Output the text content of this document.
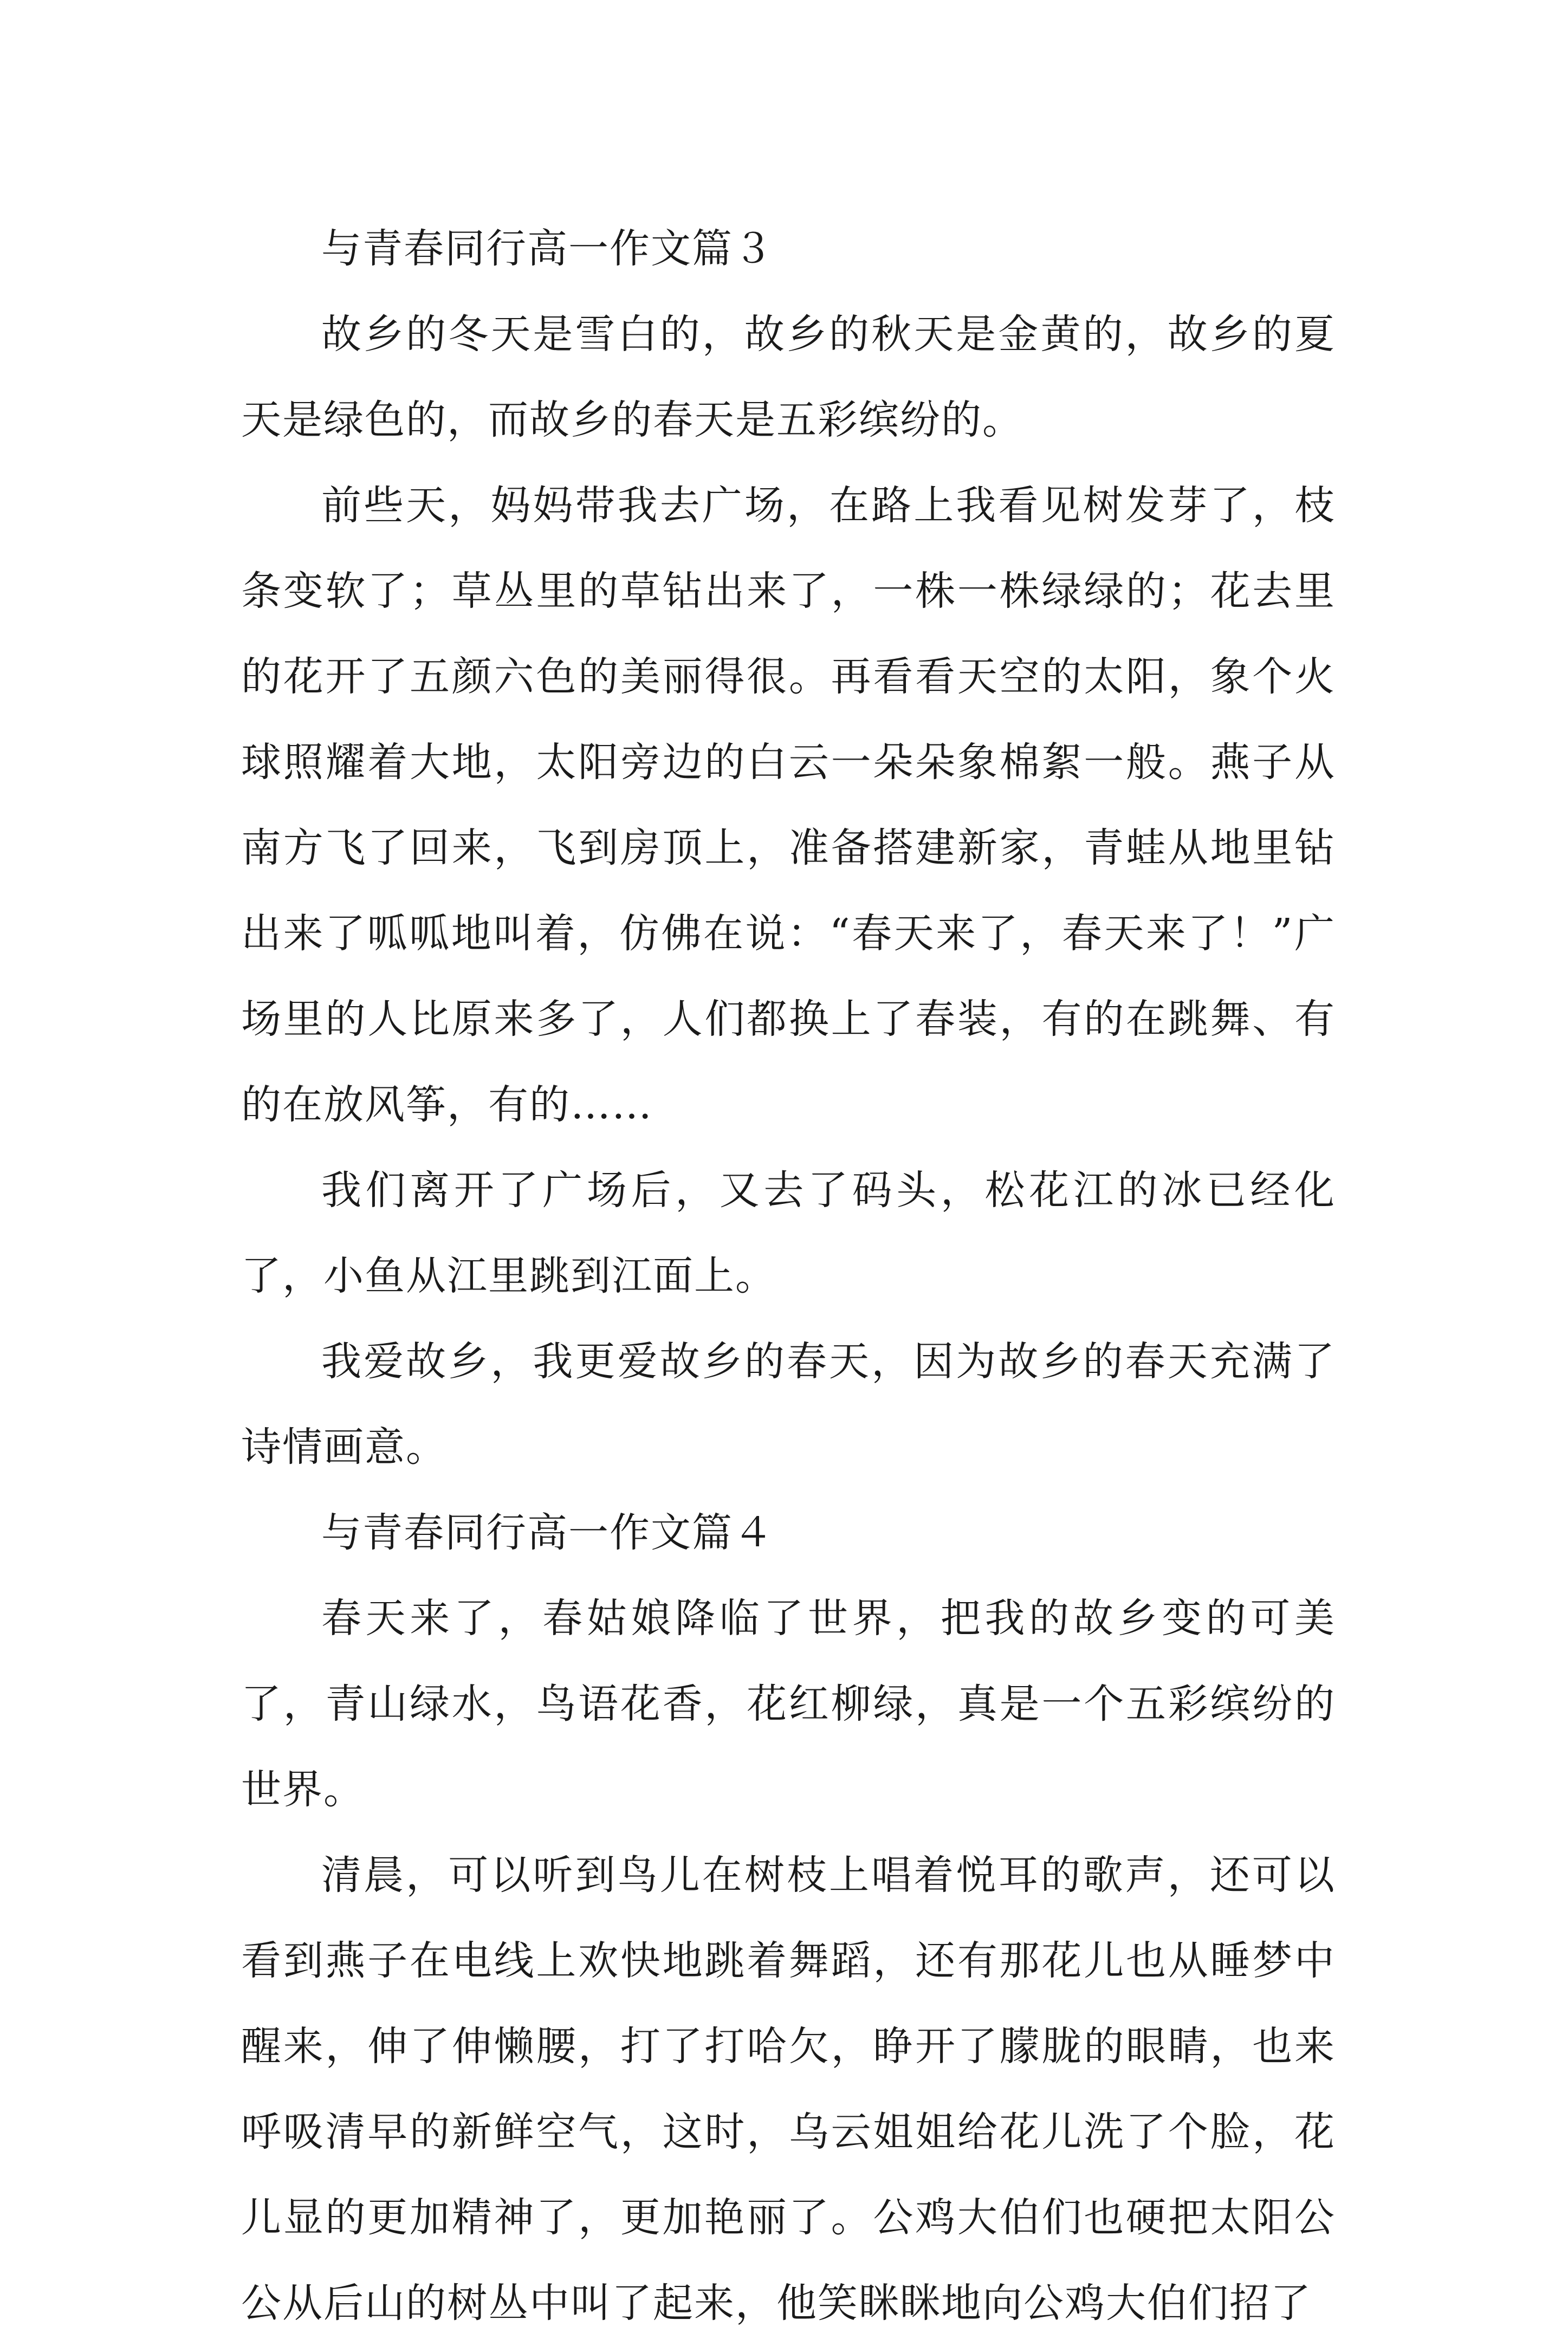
与青春同行高一作文篇３

故乡的冬天是雪白的，故乡的秋天是金黄的，故乡的夏天是绿色的，而故乡的春天是五彩缤纷的。

前些天，妈妈带我去广场，在路上我看见树发芽了，枝条变软了；草丛里的草钻出来了，一株一株绿绿的；花去里的花开了五颜六色的美丽得很。再看看天空的太阳，象个火球照耀着大地，太阳旁边的白云一朵朵象棉絮一般。燕子从南方飞了回来，飞到房顶上，准备搭建新家，青蛙从地里钻出来了呱呱地叫着，仿佛在说：“春天来了，春天来了！”广场里的人比原来多了，人们都换上了春装，有的在跳舞、有的在放风筝，有的……

我们离开了广场后，又去了码头，松花江的冰已经化了，小鱼从江里跳到江面上。

我爱故乡，我更爱故乡的春天，因为故乡的春天充满了诗情画意。

与青春同行高一作文篇４

春天来了，春姑娘降临了世界，把我的故乡变的可美了，青山绿水，鸟语花香，花红柳绿，真是一个五彩缤纷的世界。

清晨，可以听到鸟儿在树枝上唱着悦耳的歌声，还可以看到燕子在电线上欢快地跳着舞蹈，还有那花儿也从睡梦中醒来，伸了伸懒腰，打了打哈欠，睁开了朦胧的眼睛，也来呼吸清早的新鲜空气，这时，乌云姐姐给花儿洗了个脸，花儿显的更加精神了，更加艳丽了。公鸡大伯们也硬把太阳公公从后山的树丛中叫了起来，他笑眯眯地向公鸡大伯们招了
